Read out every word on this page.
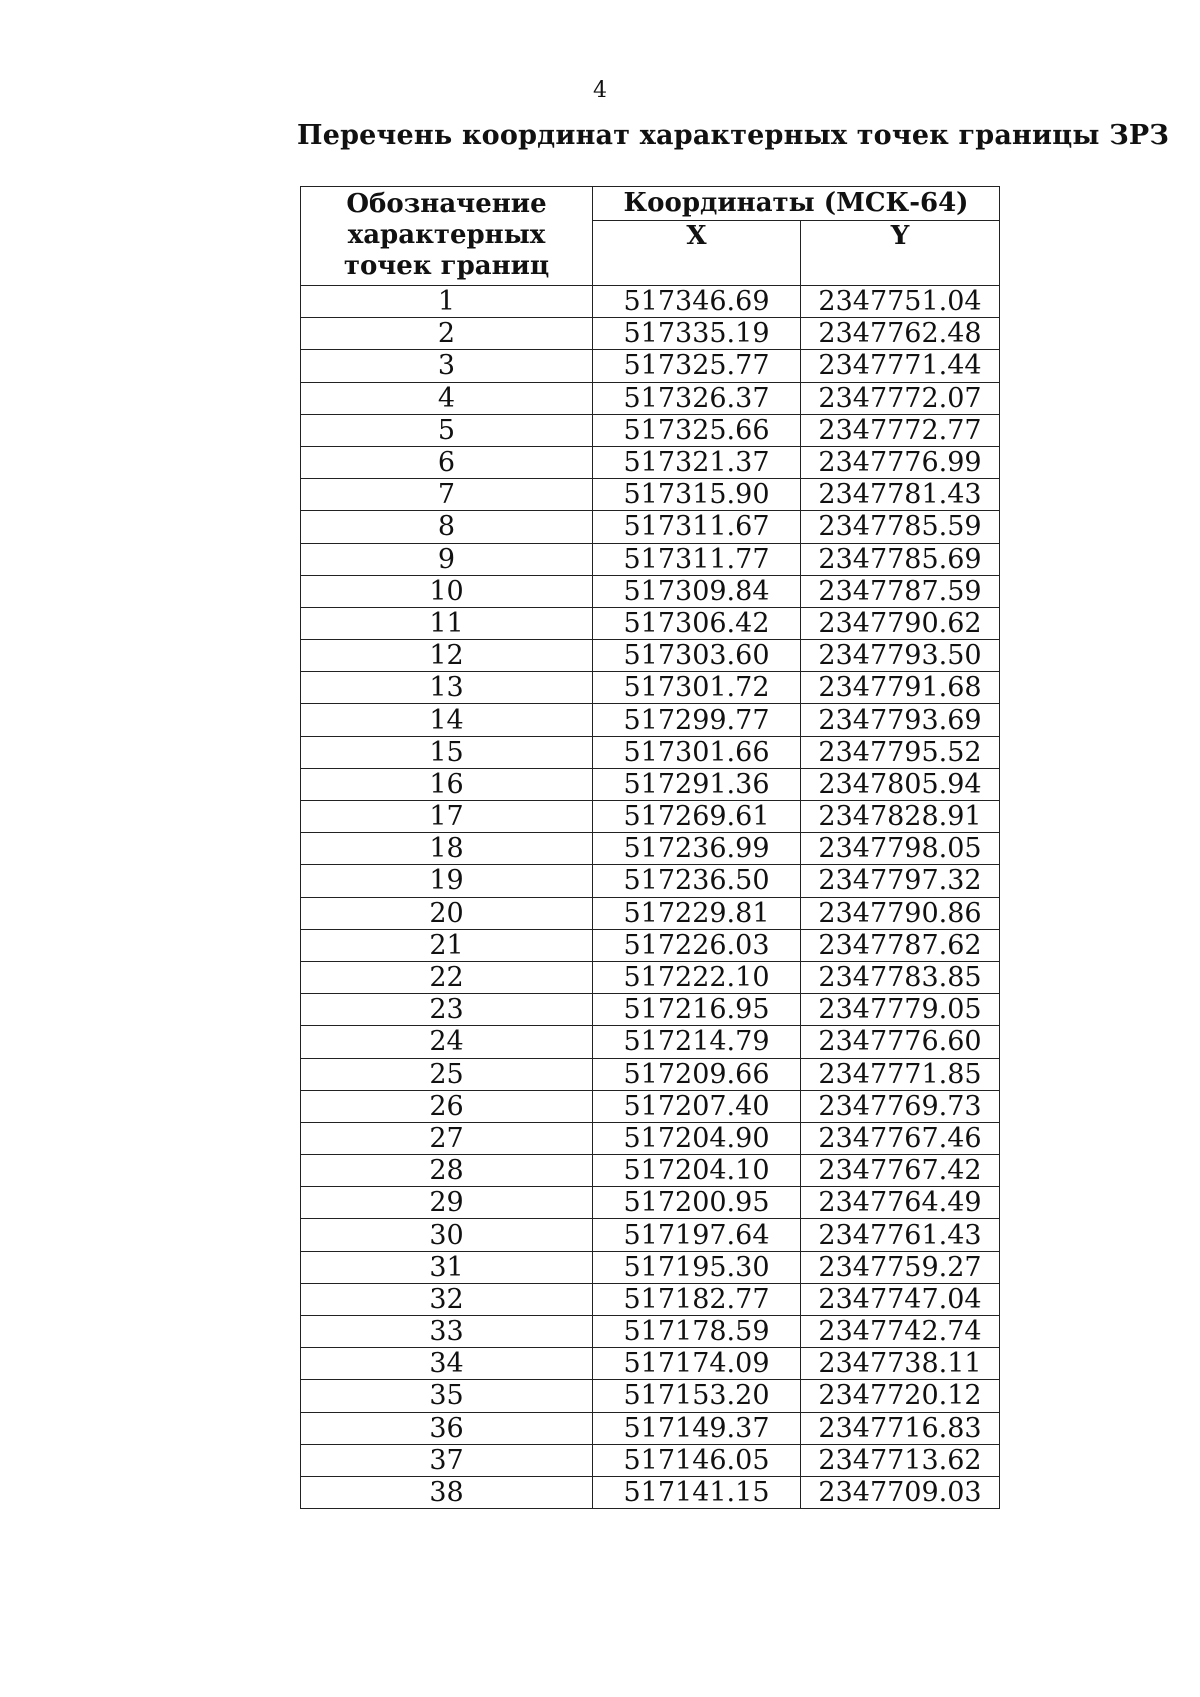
4
Перечень координат характерных точек границы ЗРЗ
Обозначение характерных точек границ	Координаты (МСК-64)	
	X	Y
1	517346.69	2347751.04
2	517335.19	2347762.48
3	517325.77	2347771.44
4	517326.37	2347772.07
5	517325.66	2347772.77
6	517321.37	2347776.99
7	517315.90	2347781.43
8	517311.67	2347785.59
9	517311.77	2347785.69
10	517309.84	2347787.59
11	517306.42	2347790.62
12	517303.60	2347793.50
13	517301.72	2347791.68
14	517299.77	2347793.69
15	517301.66	2347795.52
16	517291.36	2347805.94
17	517269.61	2347828.91
18	517236.99	2347798.05
19	517236.50	2347797.32
20	517229.81	2347790.86
21	517226.03	2347787.62
22	517222.10	2347783.85
23	517216.95	2347779.05
24	517214.79	2347776.60
25	517209.66	2347771.85
26	517207.40	2347769.73
27	517204.90	2347767.46
28	517204.10	2347767.42
29	517200.95	2347764.49
30	517197.64	2347761.43
31	517195.30	2347759.27
32	517182.77	2347747.04
33	517178.59	2347742.74
34	517174.09	2347738.11
35	517153.20	2347720.12
36	517149.37	2347716.83
37	517146.05	2347713.62
38	517141.15	2347709.03
